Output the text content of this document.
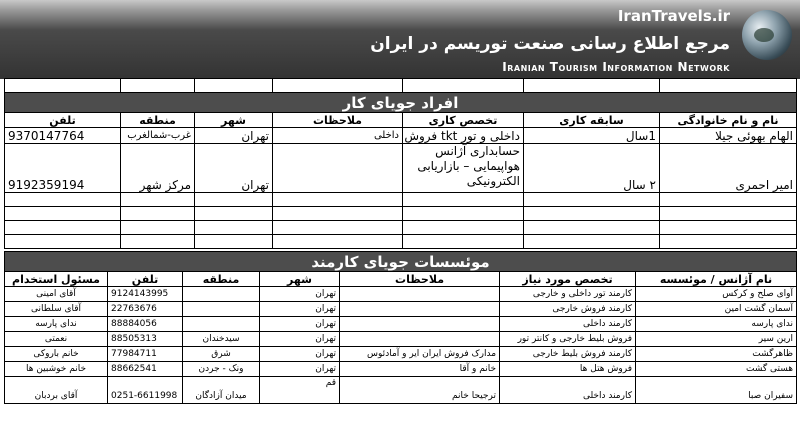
IranTravels.ir
مرجع اطلاع رسانی صنعت توریسم در ایران
Iranian Tourism Information Network

افراد جویای کار						
نام و نام خانوادگی	سابقه کاری	تخصص کاری	ملاحظات	شهر	منطقه	تلفن
الهام بهوئی جیلا	1سال	داخلی و تور tkt فروش	داخلی	تهران	غرب-شمالغرب	9370147764
امیر احمری	۲ سال	حسابداری آژانس هواپیمایی – بازاریابی الکترونیکی		تهران	مرکز شهر	9192359194

موئسسات جویای کارمند						
نام آژانس / موئسسه	تخصص مورد نیاز	ملاحظات	شهر	منطقه	تلفن	مسئول استخدام
آوای صلح و کرکس	کارمند تور داخلی و خارجی		تهران		9124143995	آقای امینی
آسمان گشت امین	کارمند فروش خارجی		تهران		22763676	آقای سلطانی
ندای پارسه	کارمند داخلی		تهران		88884056	ندای پارسه
ارین سیر	فروش بلیط خارجی و کانتر تور		تهران	سیدخندان	88505313	نعمتی
ظاهرگشت	کارمند فروش بلیط خارجی	مدارک فروش ایران ایر و آمادئوس	تهران	شرق	77984711	خانم باروکی
هستی گشت	فروش هتل ها	خانم و آقا	تهران	ونک - جردن	88662541	خانم خوشبین ها
سفیران صبا	کارمند داخلی	ترجیحا خانم	قم	میدان آزادگان	0251-6611998	آقای بردبان
